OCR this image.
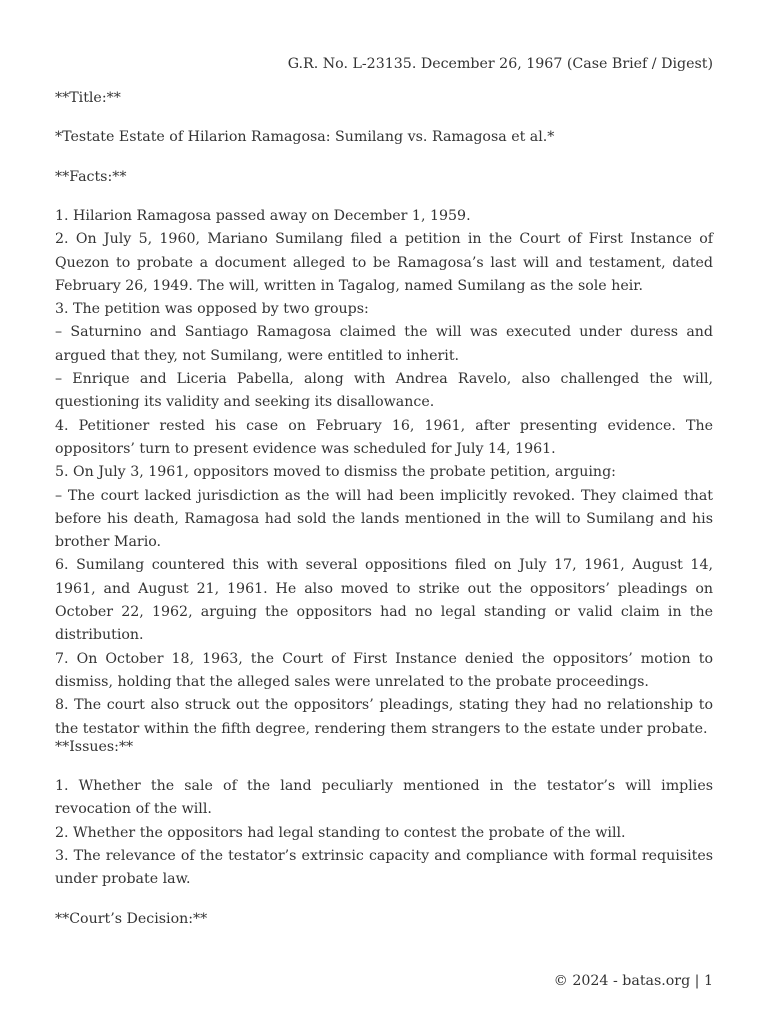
G.R. No. L-23135. December 26, 1967 (Case Brief / Digest)
**Title:**
*Testate Estate of Hilarion Ramagosa: Sumilang vs. Ramagosa et al.*
**Facts:**
1. Hilarion Ramagosa passed away on December 1, 1959.
2. On July 5, 1960, Mariano Sumilang filed a petition in the Court of First Instance of Quezon to probate a document alleged to be Ramagosa’s last will and testament, dated February 26, 1949. The will, written in Tagalog, named Sumilang as the sole heir.
3. The petition was opposed by two groups:
– Saturnino and Santiago Ramagosa claimed the will was executed under duress and argued that they, not Sumilang, were entitled to inherit.
– Enrique and Liceria Pabella, along with Andrea Ravelo, also challenged the will, questioning its validity and seeking its disallowance.
4. Petitioner rested his case on February 16, 1961, after presenting evidence. The oppositors’ turn to present evidence was scheduled for July 14, 1961.
5. On July 3, 1961, oppositors moved to dismiss the probate petition, arguing:
– The court lacked jurisdiction as the will had been implicitly revoked. They claimed that before his death, Ramagosa had sold the lands mentioned in the will to Sumilang and his brother Mario.
6. Sumilang countered this with several oppositions filed on July 17, 1961, August 14, 1961, and August 21, 1961. He also moved to strike out the oppositors’ pleadings on October 22, 1962, arguing the oppositors had no legal standing or valid claim in the distribution.
7. On October 18, 1963, the Court of First Instance denied the oppositors’ motion to dismiss, holding that the alleged sales were unrelated to the probate proceedings.
8. The court also struck out the oppositors’ pleadings, stating they had no relationship to the testator within the fifth degree, rendering them strangers to the estate under probate.
**Issues:**
1. Whether the sale of the land peculiarly mentioned in the testator’s will implies revocation of the will.
2. Whether the oppositors had legal standing to contest the probate of the will.
3. The relevance of the testator’s extrinsic capacity and compliance with formal requisites under probate law.
**Court’s Decision:**
© 2024 - batas.org | 1
